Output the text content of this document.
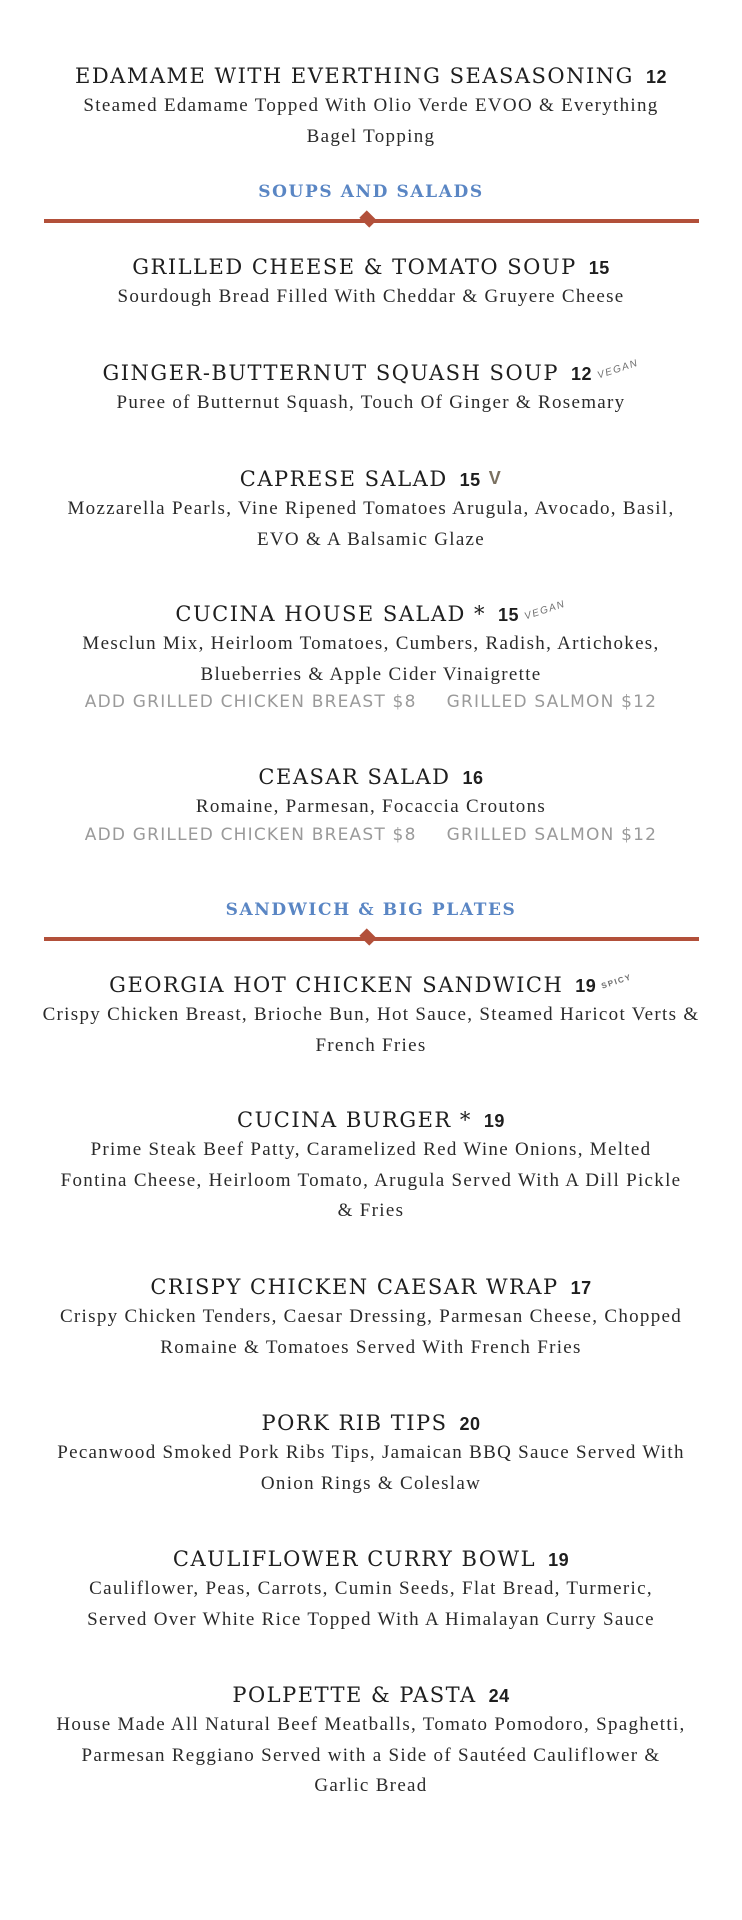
EDAMAME WITH EVERTHING SEASASONING 12
Steamed Edamame Topped With Olio Verde EVOO & Everything Bagel Topping
SOUPS AND SALADS
GRILLED CHEESE & TOMATO SOUP 15
Sourdough Bread Filled With Cheddar & Gruyere Cheese
GINGER-BUTTERNUT SQUASH SOUP 12 VEGAN
Puree of Butternut Squash, Touch Of Ginger & Rosemary
CAPRESE SALAD 15 V
Mozzarella Pearls, Vine Ripened Tomatoes Arugula, Avocado, Basil, EVO & A Balsamic Glaze
CUCINA HOUSE SALAD * 15 VEGAN
Mesclun Mix, Heirloom Tomatoes, Cumbers, Radish, Artichokes, Blueberries & Apple Cider Vinaigrette
ADD GRILLED CHICKEN BREAST $8 GRILLED SALMON $12
CEASAR SALAD 16
Romaine, Parmesan, Focaccia Croutons
ADD GRILLED CHICKEN BREAST $8 GRILLED SALMON $12
SANDWICH & BIG PLATES
GEORGIA HOT CHICKEN SANDWICH 19 SPICY
Crispy Chicken Breast, Brioche Bun, Hot Sauce, Steamed Haricot Verts & French Fries
CUCINA BURGER * 19
Prime Steak Beef Patty, Caramelized Red Wine Onions, Melted Fontina Cheese, Heirloom Tomato, Arugula Served With A Dill Pickle & Fries
CRISPY CHICKEN CAESAR WRAP 17
Crispy Chicken Tenders, Caesar Dressing, Parmesan Cheese, Chopped Romaine & Tomatoes Served With French Fries
PORK RIB TIPS 20
Pecanwood Smoked Pork Ribs Tips, Jamaican BBQ Sauce Served With Onion Rings & Coleslaw
CAULIFLOWER CURRY BOWL 19
Cauliflower, Peas, Carrots, Cumin Seeds, Flat Bread, Turmeric, Served Over White Rice Topped With A Himalayan Curry Sauce
POLPETTE & PASTA 24
House Made All Natural Beef Meatballs, Tomato Pomodoro, Spaghetti, Parmesan Reggiano Served with a Side of Sautéed Cauliflower & Garlic Bread
